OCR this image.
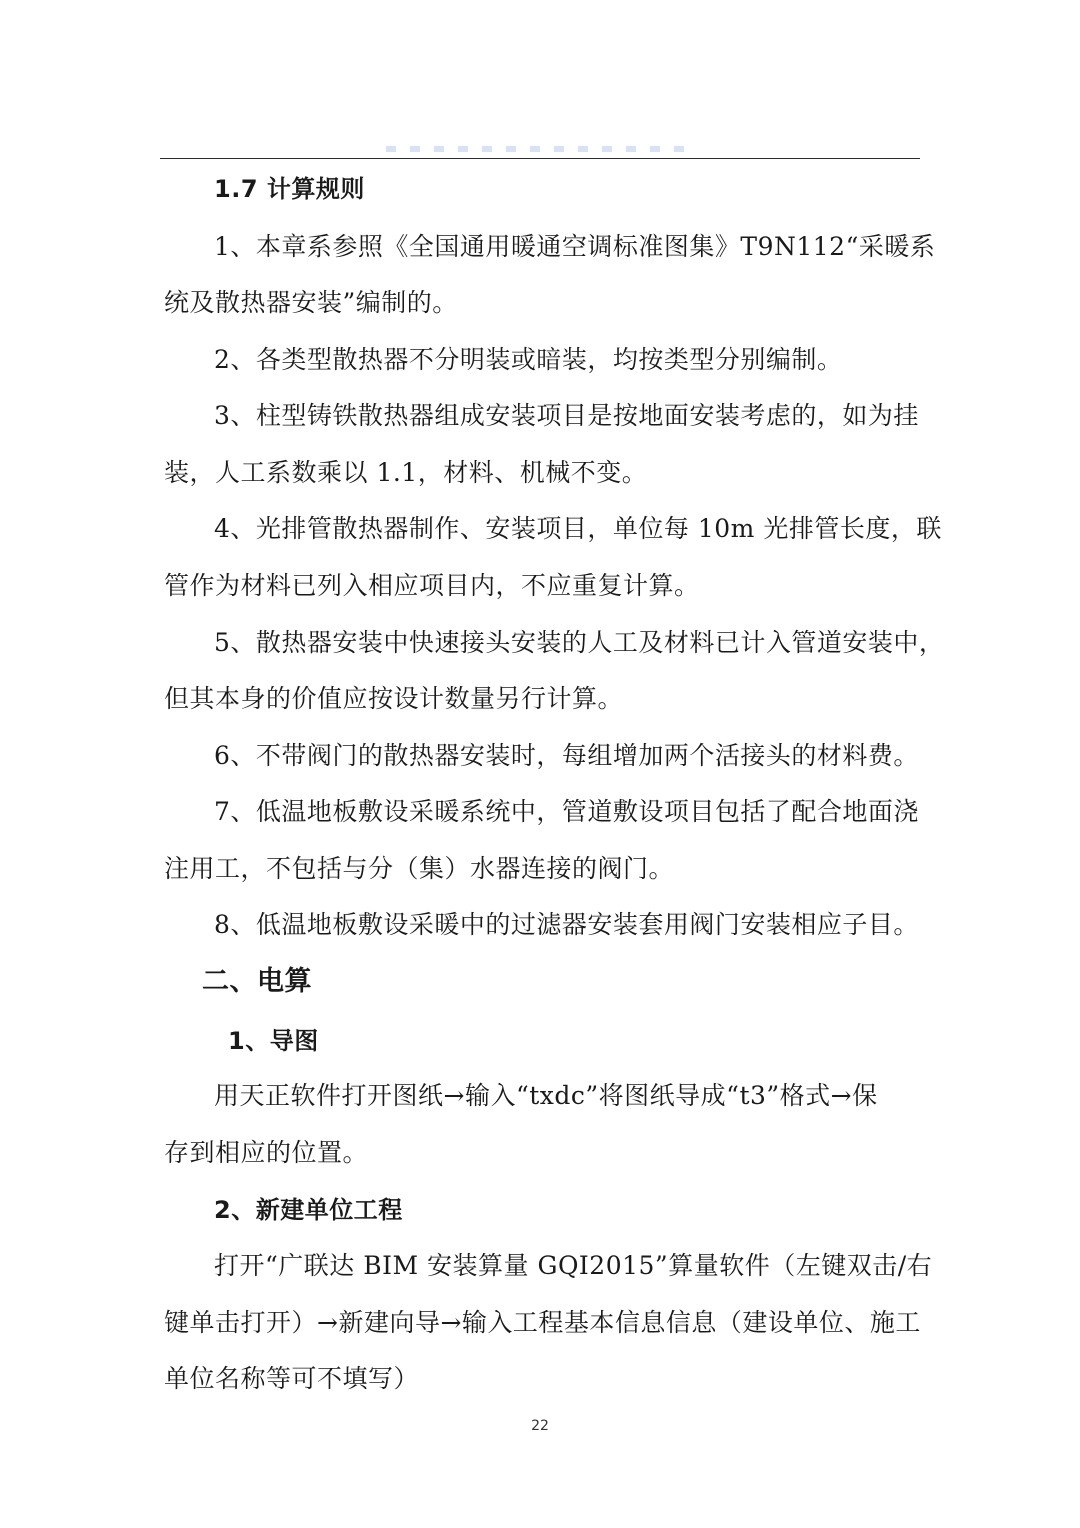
1.7 计算规则
1、本章系参照《全国通用暖通空调标准图集》T9N112“采暖系
统及散热器安装”编制的。
2、各类型散热器不分明装或暗装，均按类型分别编制。
3、柱型铸铁散热器组成安装项目是按地面安装考虑的，如为挂
装，人工系数乘以 1.1，材料、机械不变。
4、光排管散热器制作、安装项目，单位每 10m 光排管长度，联
管作为材料已列入相应项目内，不应重复计算。
5、散热器安装中快速接头安装的人工及材料已计入管道安装中，
但其本身的价值应按设计数量另行计算。
6、不带阀门的散热器安装时，每组增加两个活接头的材料费。
7、低温地板敷设采暖系统中，管道敷设项目包括了配合地面浇
注用工，不包括与分（集）水器连接的阀门。
8、低温地板敷设采暖中的过滤器安装套用阀门安装相应子目。
二、电算
1、导图
用天正软件打开图纸→输入“txdc”将图纸导成“t3”格式→保
存到相应的位置。
2、新建单位工程
打开“广联达 BIM 安装算量 GQI2015”算量软件（左键双击/右
键单击打开）→新建向导→输入工程基本信息信息（建设单位、施工
单位名称等可不填写）
22
